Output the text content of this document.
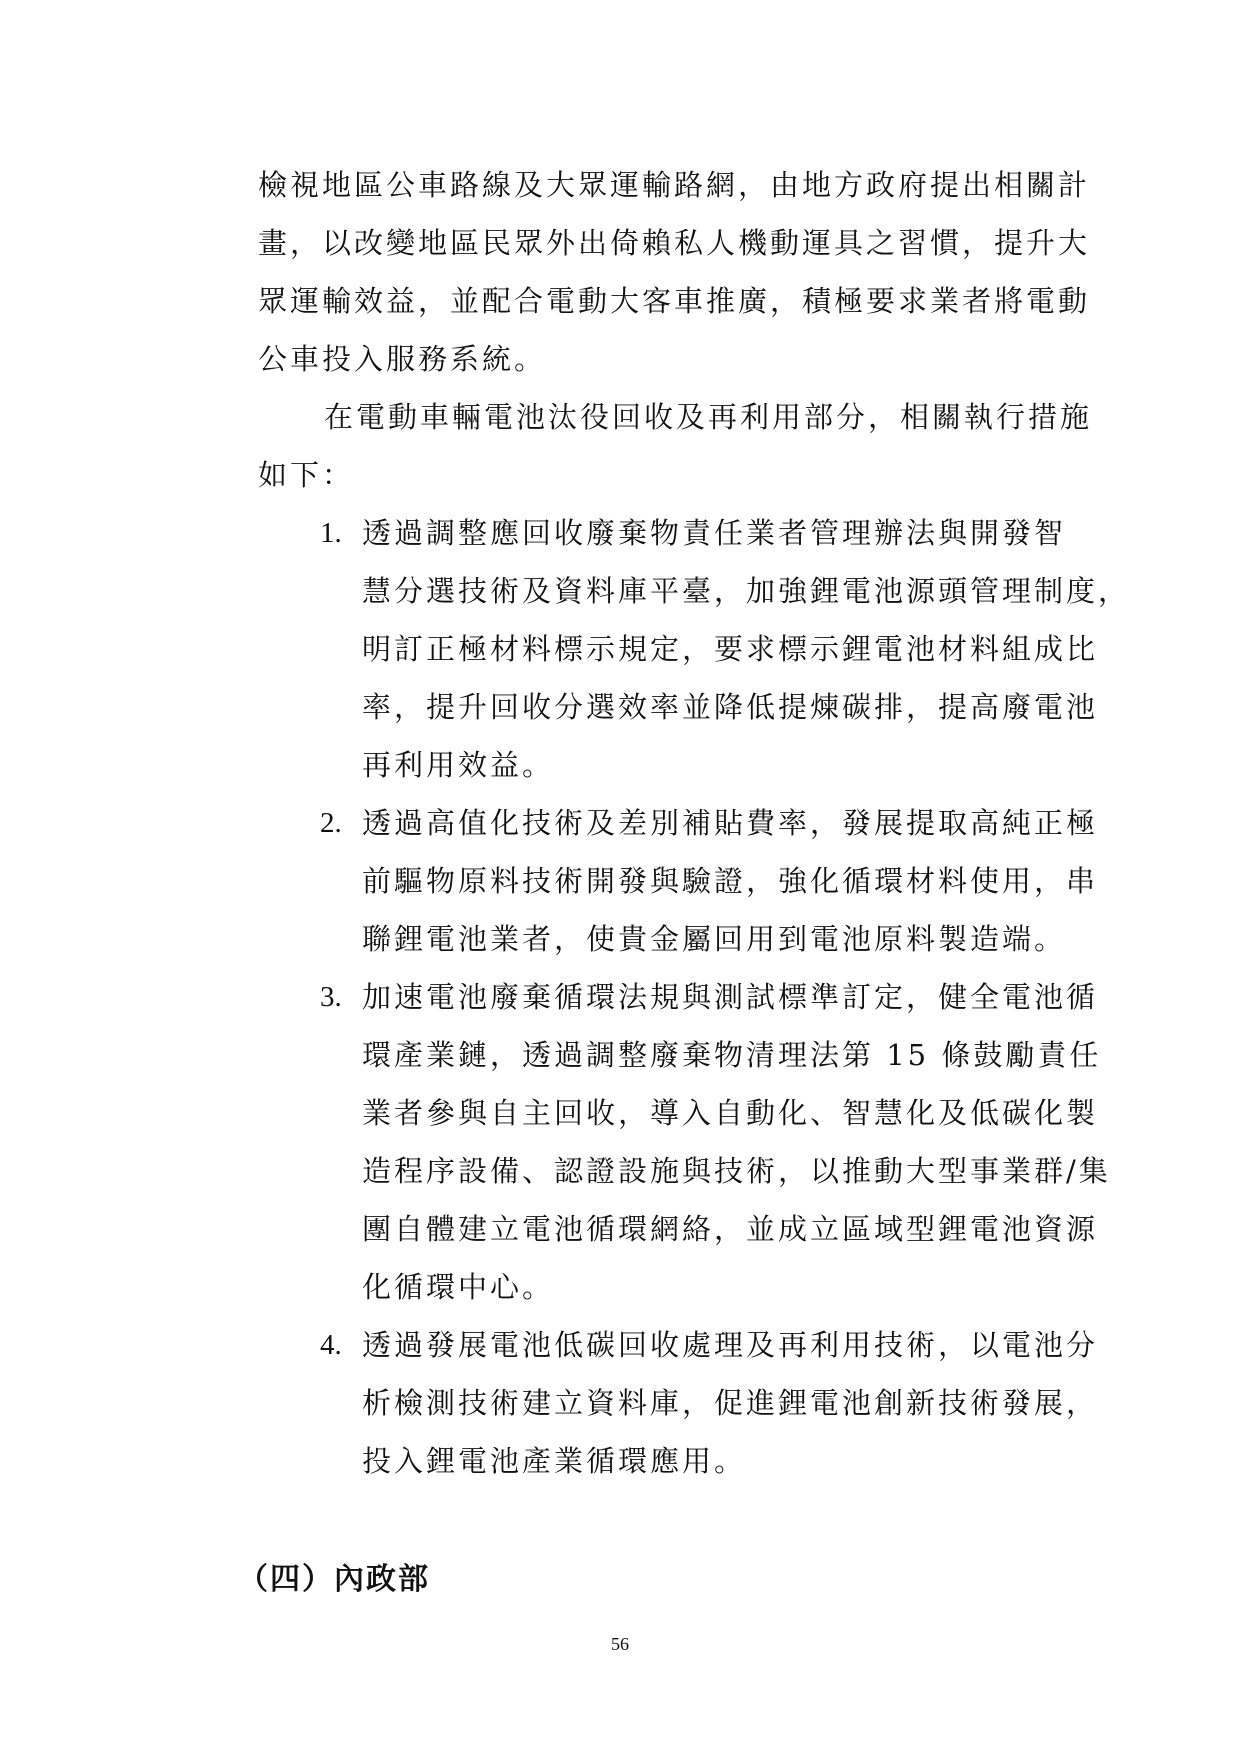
檢視地區公車路線及大眾運輸路網，由地方政府提出相關計
畫，以改變地區民眾外出倚賴私人機動運具之習慣，提升大
眾運輸效益，並配合電動大客車推廣，積極要求業者將電動
公車投入服務系統。
在電動車輛電池汰役回收及再利用部分，相關執行措施
如下：
1. 透過調整應回收廢棄物責任業者管理辦法與開發智
慧分選技術及資料庫平臺，加強鋰電池源頭管理制度，
明訂正極材料標示規定，要求標示鋰電池材料組成比
率，提升回收分選效率並降低提煉碳排，提高廢電池
再利用效益。
2. 透過高值化技術及差別補貼費率，發展提取高純正極
前驅物原料技術開發與驗證，強化循環材料使用，串
聯鋰電池業者，使貴金屬回用到電池原料製造端。
3. 加速電池廢棄循環法規與測試標準訂定，健全電池循
環產業鏈，透過調整廢棄物清理法第 15 條鼓勵責任
業者參與自主回收，導入自動化、智慧化及低碳化製
造程序設備、認證設施與技術，以推動大型事業群/集
團自體建立電池循環網絡，並成立區域型鋰電池資源
化循環中心。
4. 透過發展電池低碳回收處理及再利用技術，以電池分
析檢測技術建立資料庫，促進鋰電池創新技術發展，
投入鋰電池產業循環應用。
（四）內政部
56
